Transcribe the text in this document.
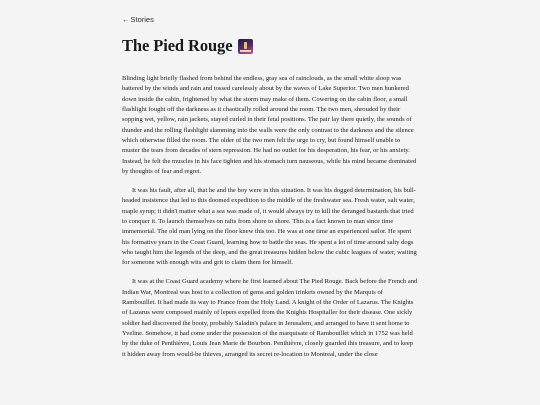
←Stories
The Pied Rouge

Blinding light briefly flashed from behind the endless, gray sea of rainclouds, as the small white sloop was battered by the winds and rain and tossed carelessly about by the waves of Lake Superior. Two men hunkered down inside the cabin, frightened by what the storm may make of them. Cowering on the cabin floor, a small flashlight fought off the darkness as it chaotically rolled around the room. The two men, shrouded by their sopping wet, yellow, rain jackets, stayed curled in their fetal positions. The pair lay there quietly, the sounds of thunder and the rolling flashlight slamming into the walls were the only contrast to the darkness and the silence which otherwise filled the room. The older of the two men felt the urge to cry, but found himself unable to muster the tears from decades of stern repression. He had no outlet for his desperation, his fear, or his anxiety. Instead, he felt the muscles in his face tighten and his stomach turn nauseous, while his mind became dominated by thoughts of fear and regret.

It was his fault, after all, that he and the boy were in this situation. It was his dogged determination, his bull-headed insistence that led to this doomed expedition to the middle of the freshwater sea. Fresh water, salt water, maple syrup; it didn't matter what a sea was made of, it would always try to kill the deranged bastards that tried to conquer it. To launch themselves on rafts from shore to shore. This is a fact known to man since time immemorial. The old man lying on the floor knew this too. He was at one time an experienced sailor. He spent his formative years in the Coast Guard, learning how to battle the seas. He spent a lot of time around salty dogs who taught him the legends of the deep, and the great treasures hidden below the cubic leagues of water, waiting for someone with enough wits and grit to claim them for himself.

It was at the Coast Guard academy where he first learned about The Pied Rouge. Back before the French and Indian War, Montreal was host to a collection of gems and golden trinkets owned by the Marquis of Rambouillet. It had made its way to France from the Holy Land. A knight of the Order of Lazarus. The Knights of Lazarus were composed mainly of lepers expelled from the Knights Hospitaller for their disease. One sickly soldier had discovered the booty, probably Saladin's palace in Jerusalem, and arranged to have it sent home to Yveline. Somehow, it had come under the possession of the marquisate of Rambouillet which in 1752 was held by the duke of Penthièvre, Louis Jean Marie de Bourbon. Penthièvre, closely guarded this treasure, and to keep it hidden away from would-be thieves, arranged its secret re-location to Montreal, under the close
